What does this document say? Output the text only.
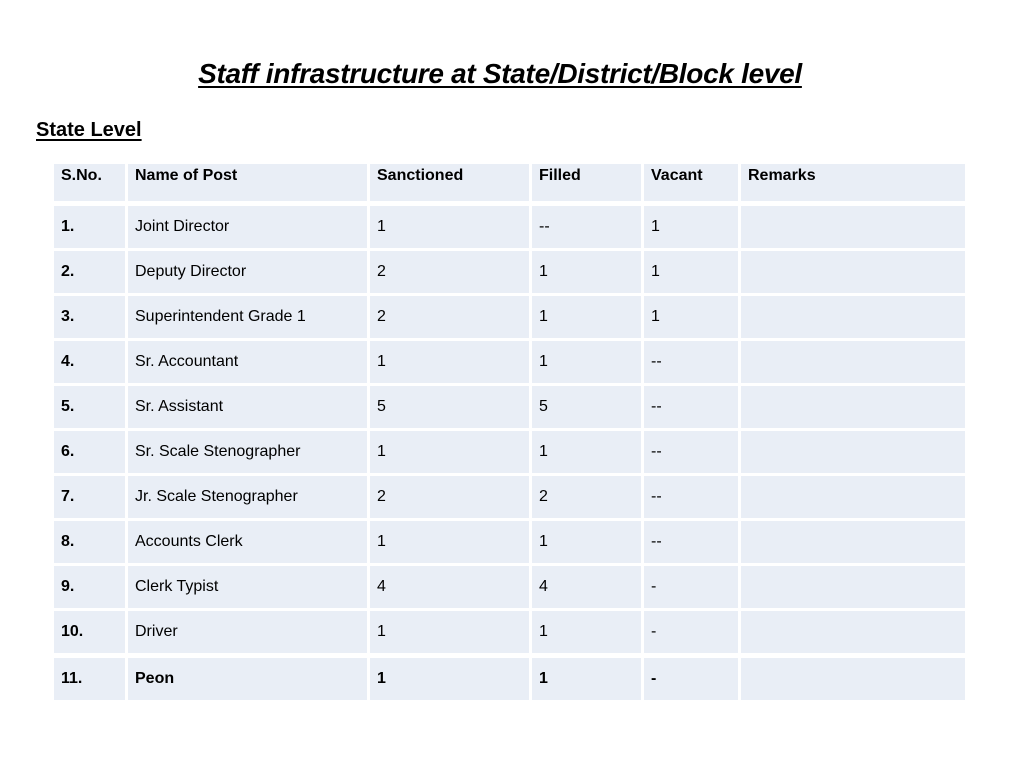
Staff infrastructure at State/District/Block level
State Level
S.No.	Name of Post	Sanctioned	Filled	Vacant	Remarks
1.	Joint Director	1	--	1	
2.	Deputy Director	2	1	1	
3.	Superintendent Grade 1	2	1	1	
4.	Sr. Accountant	1	1	--	
5.	Sr. Assistant	5	5	--	
6.	Sr. Scale Stenographer	1	1	--	
7.	Jr. Scale Stenographer	2	2	--	
8.	Accounts Clerk	1	1	--	
9.	Clerk Typist	4	4	-	
10.	Driver	1	1	-	
11.	Peon	1	1	-	
